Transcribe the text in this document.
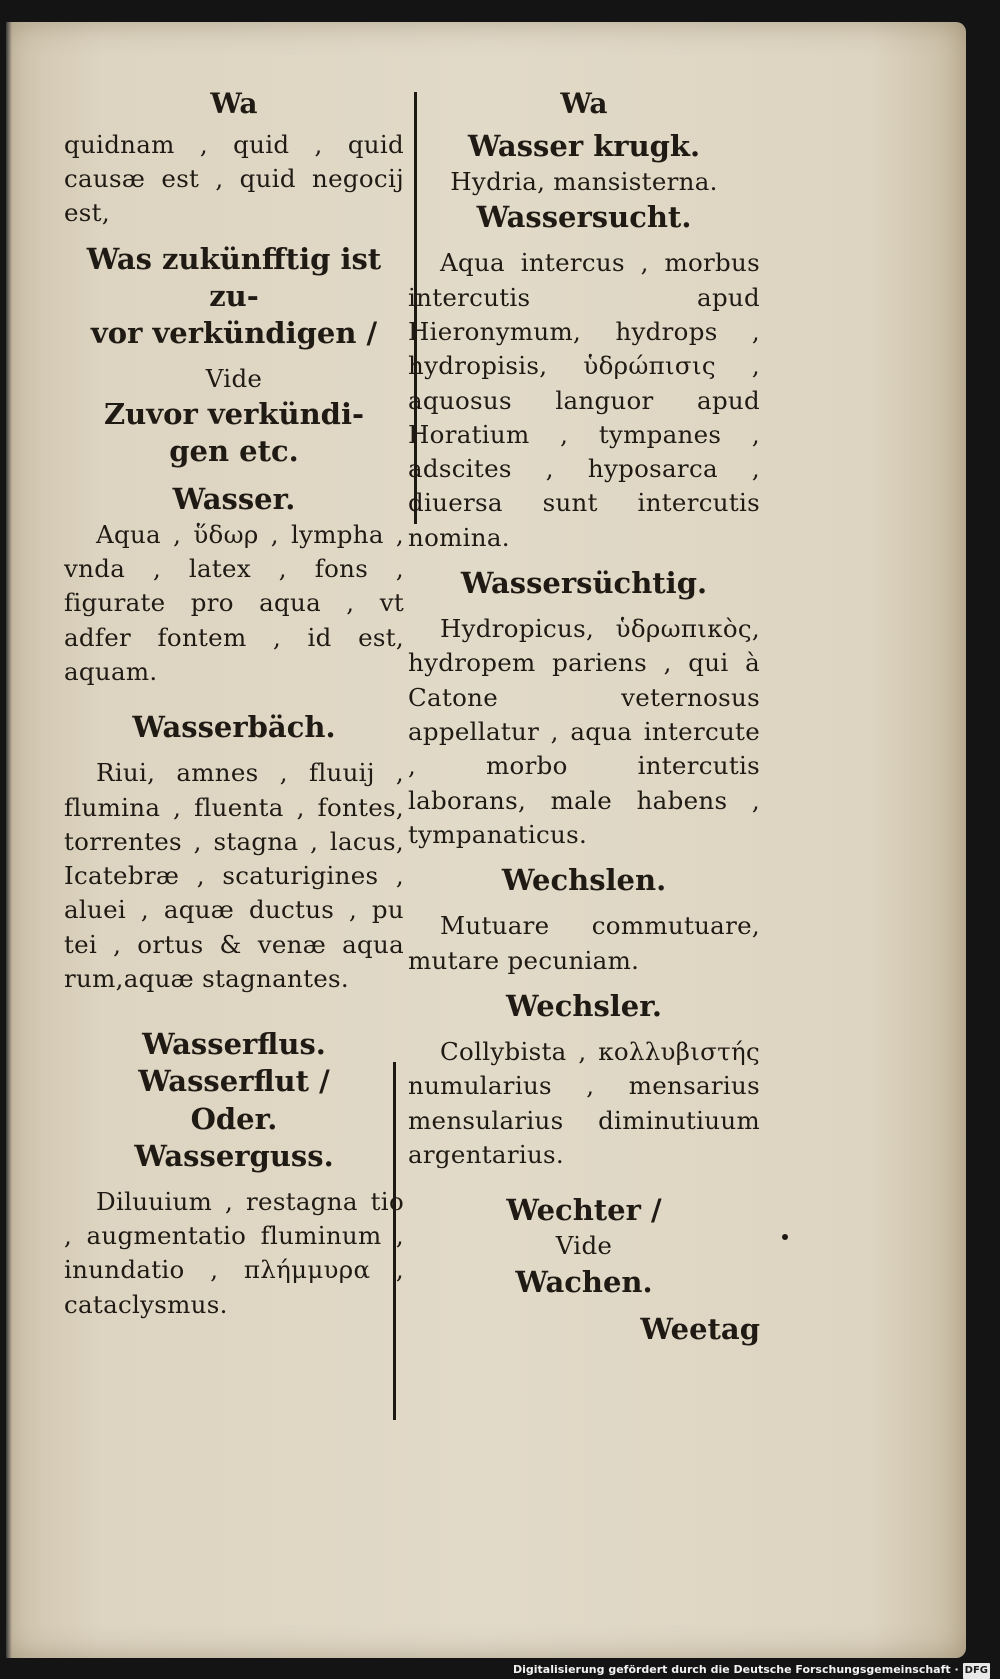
Wa

quidnam , quid , quid causæ est , quid negocij est,

Was zukünfftig ist zu-

vor verkündigen /

Vide

Zuvor verkündi-

gen etc.

Wasser.

Aqua , ὕδωρ , lympha , vnda , latex , fons , figurate pro aqua , vt adfer fontem , id est, aquam.

Wasserbäch.

Riui, amnes , fluuij , flumina , fluenta , fontes, torrentes , stagna , lacus, Icatebræ , scaturigines , aluei , aquæ ductus , pu tei , ortus & venæ aqua rum,aquæ stagnantes.

Wasserflus.

Wasserflut /

Oder.

Wasserguss.

Diluuium , restagna tio , augmentatio fluminum , inundatio , πλήμμυρα , cataclysmus.

Wa

Wasser krugk.

Hydria, mansisterna.

Wassersucht.

Aqua intercus , morbus intercutis apud Hieronymum, hydrops , hydropisis, ὑδρώπισις , aquosus languor apud Horatium , tympanes , adscites , hyposarca , diuersa sunt intercutis nomina.

Wassersüchtig.

Hydropicus, ὑδρωπικὸς, hydropem pariens , qui à Catone veternosus appellatur , aqua intercute , morbo intercutis laborans, male habens , tympanaticus.

Wechslen.

Mutuare commutuare, mutare pecuniam.

Wechsler.

Collybista , κολλυβιστής numularius , mensarius mensularius diminutiuum argentarius.

Wechter /

Vide

Wachen.

Weetag

Digitalisierung gefördert durch die Deutsche Forschungsgemeinschaft · DFG
